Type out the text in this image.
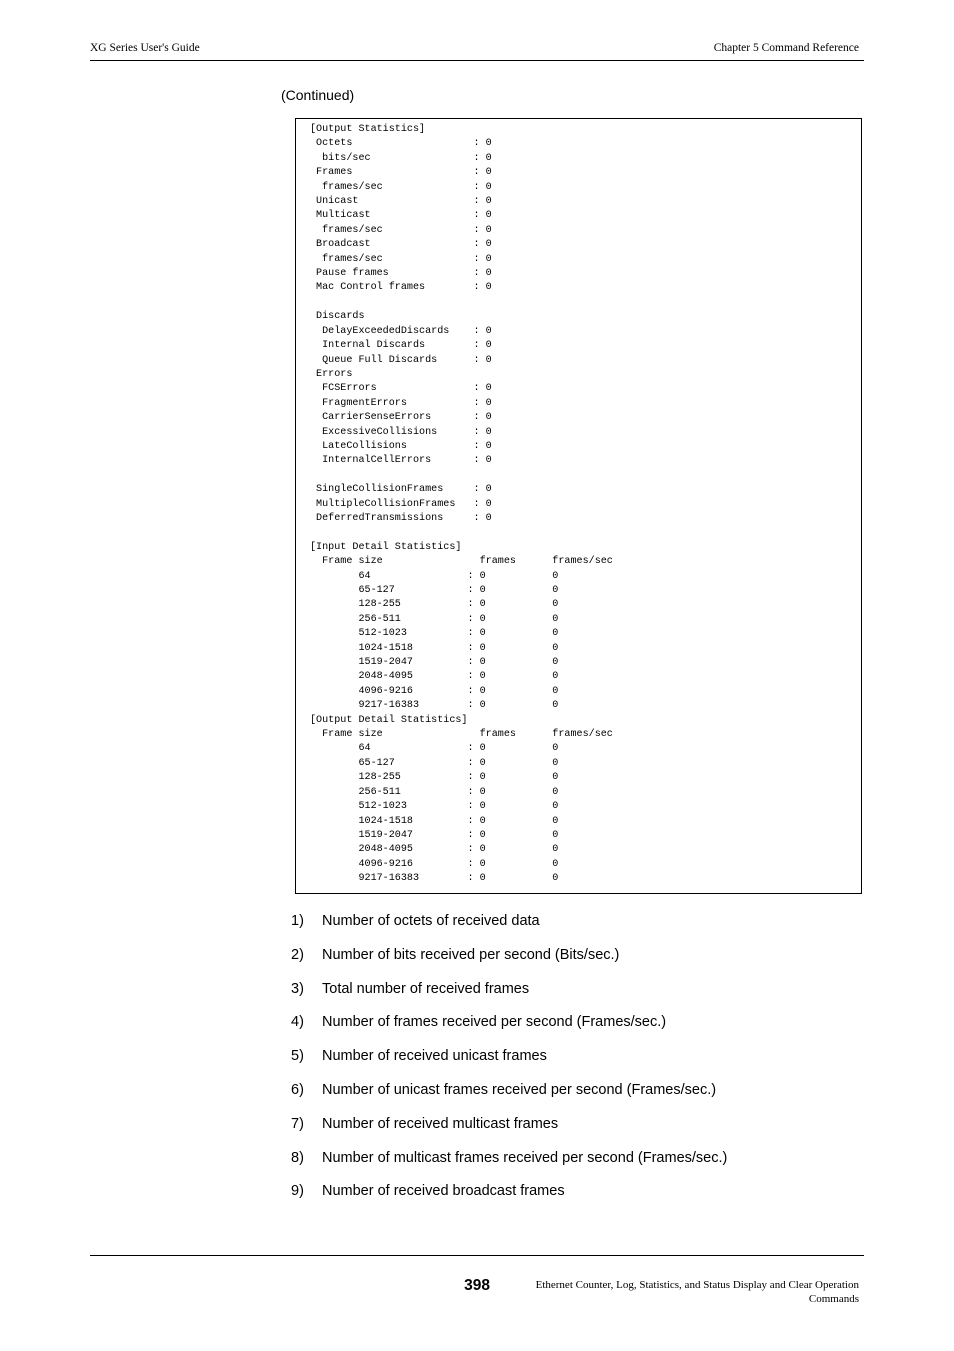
XG Series User's Guide	Chapter 5 Command Reference
(Continued)
[Output Statistics]
Octets                    : 0
bits/sec                 : 0
Frames                    : 0
frames/sec               : 0
Unicast                   : 0
Multicast                 : 0
frames/sec               : 0
Broadcast                 : 0
frames/sec               : 0
Pause frames              : 0
Mac Control frames        : 0

Discards
DelayExceededDiscards    : 0
Internal Discards        : 0
Queue Full Discards      : 0
Errors
FCSErrors                : 0
FragmentErrors           : 0
CarrierSenseErrors       : 0
ExcessiveCollisions      : 0
LateCollisions           : 0
InternalCellErrors       : 0

SingleCollisionFrames     : 0
MultipleCollisionFrames   : 0
DeferredTransmissions     : 0

[Input Detail Statistics]
Frame size                frames      frames/sec
64                : 0           0
65-127            : 0           0
128-255           : 0           0
256-511           : 0           0
512-1023          : 0           0
1024-1518         : 0           0
1519-2047         : 0           0
2048-4095         : 0           0
4096-9216         : 0           0
9217-16383        : 0           0
[Output Detail Statistics]
Frame size                frames      frames/sec
64                : 0           0
65-127            : 0           0
128-255           : 0           0
256-511           : 0           0
512-1023          : 0           0
1024-1518         : 0           0
1519-2047         : 0           0
2048-4095         : 0           0
4096-9216         : 0           0
9217-16383        : 0           0
1) Number of octets of received data
2) Number of bits received per second (Bits/sec.)
3) Total number of received frames
4) Number of frames received per second (Frames/sec.)
5) Number of received unicast frames
6) Number of unicast frames received per second (Frames/sec.)
7) Number of received multicast frames
8) Number of multicast frames received per second (Frames/sec.)
9) Number of received broadcast frames
398	Ethernet Counter, Log, Statistics, and Status Display and Clear Operation
Commands
